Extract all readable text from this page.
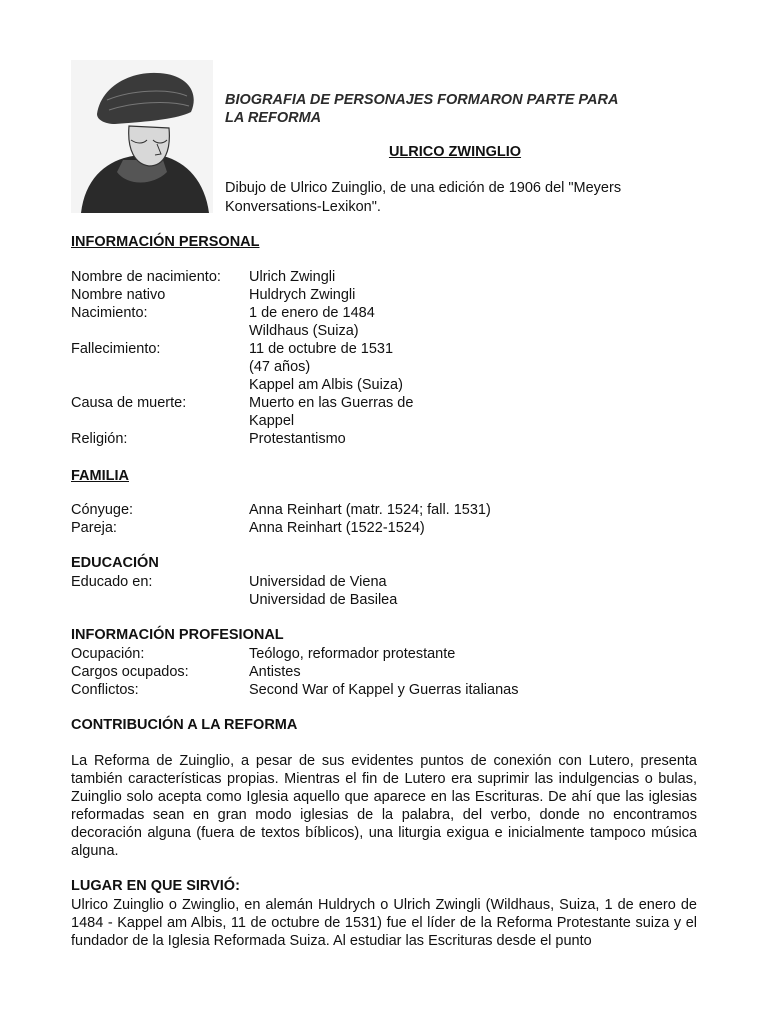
BIOGRAFIA DE PERSONAJES FORMARON PARTE PARA
LA REFORMA
ULRICO ZWINGLIO
Dibujo de Ulrico Zuinglio, de una edición de 1906 del "Meyers
Konversations-Lexikon".

INFORMACIÓN PERSONAL

Nombre de nacimiento:	Ulrich Zwingli
Nombre nativo	Huldrych Zwingli
Nacimiento:	1 de enero de 1484
Wildhaus (Suiza)
Fallecimiento:	11 de octubre de 1531
(47 años)
Kappel am Albis (Suiza)
Causa de muerte:	Muerto en las Guerras de
Kappel
Religión:	Protestantismo

FAMILIA

Cónyuge:	Anna Reinhart (matr. 1524; fall. 1531)
Pareja:	Anna Reinhart (1522-1524)

EDUCACIÓN

Educado en:	Universidad de Viena
Universidad de Basilea

INFORMACIÓN PROFESIONAL

Ocupación:	Teólogo, reformador protestante
Cargos ocupados:	Antistes
Conflictos:	Second War of Kappel y Guerras italianas

CONTRIBUCIÓN A LA REFORMA

La Reforma de Zuinglio, a pesar de sus evidentes puntos de conexión con Lutero, presenta también características propias. Mientras el fin de Lutero era suprimir las indulgencias o bulas, Zuinglio solo acepta como Iglesia aquello que aparece en las Escrituras. De ahí que las iglesias reformadas sean en gran modo iglesias de la palabra, del verbo, donde no encontramos decoración alguna (fuera de textos bíblicos), una liturgia exigua e inicialmente tampoco música alguna.

LUGAR EN QUE SIRVIÓ:

Ulrico Zuinglio o Zwinglio, en alemán Huldrych o Ulrich Zwingli (Wildhaus, Suiza, 1 de enero de 1484 - Kappel am Albis, 11 de octubre de 1531) fue el líder de la Reforma Protestante suiza y el fundador de la Iglesia Reformada Suiza. Al estudiar las Escrituras desde el punto
